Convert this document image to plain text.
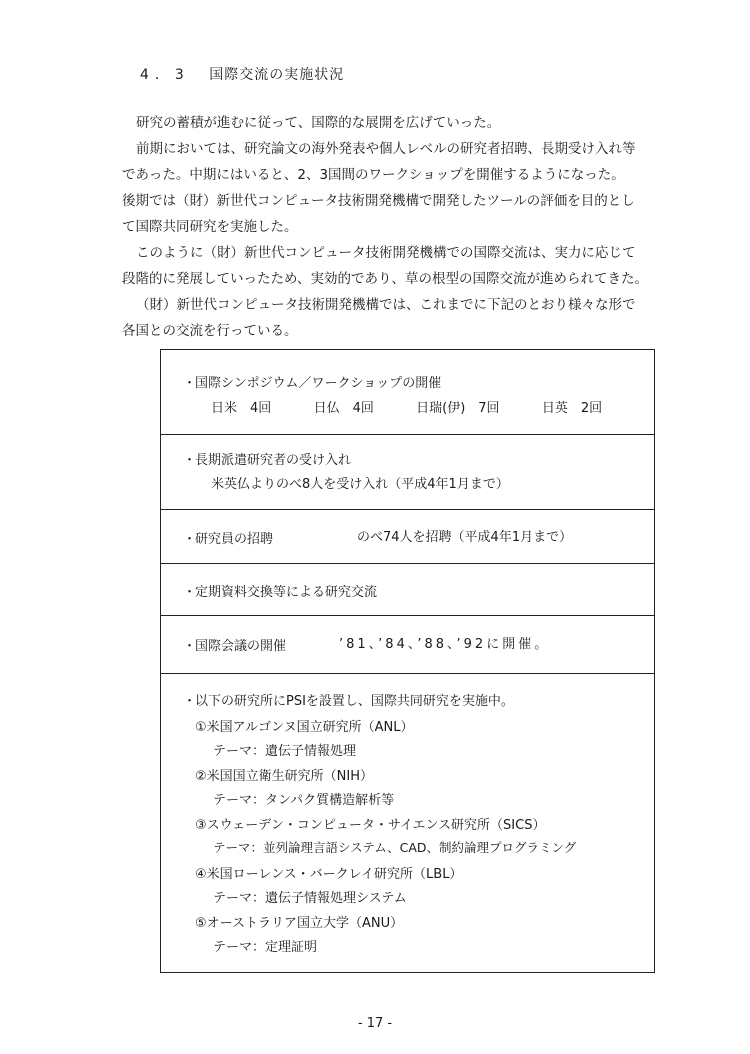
4．3 国際交流の実施状況

研究の蓄積が進むに従って、国際的な展開を広げていった。

前期においては、研究論文の海外発表や個人レベルの研究者招聘、長期受け入れ等

であった。中期にはいると、2、3国間のワークショップを開催するようになった。

後期では（財）新世代コンピュータ技術開発機構で開発したツールの評価を目的とし

て国際共同研究を実施した。

このように（財）新世代コンピュータ技術開発機構での国際交流は、実力に応じて

段階的に発展していったため、実効的であり、草の根型の国際交流が進められてきた。

（財）新世代コンピュータ技術開発機構では、これまでに下記のとおり様々な形で

各国との交流を行っている。

・国際シンポジウム／ワークショップの開催
日米　4回	日仏　4回	日瑞(伊)　7回	日英　2回
・長期派遣研究者の受け入れ
米英仏よりのべ8人を受け入れ（平成4年1月まで）
・研究員の招聘	のべ74人を招聘（平成4年1月まで）
・定期資料交換等による研究交流
・国際会議の開催	’81、’84、’88、’92に開催。
・以下の研究所にPSIを設置し、国際共同研究を実施中。
①米国アルゴンヌ国立研究所（ANL）
テーマ：遺伝子情報処理
②米国国立衛生研究所（NIH）
テーマ：タンパク質構造解析等
③スウェーデン・コンピュータ・サイエンス研究所（SICS）
テーマ：並列論理言語システム、CAD、制約論理プログラミング
④米国ローレンス・バークレイ研究所（LBL）
テーマ：遺伝子情報処理システム
⑤オーストラリア国立大学（ANU）
テーマ：定理証明
- 17 -
